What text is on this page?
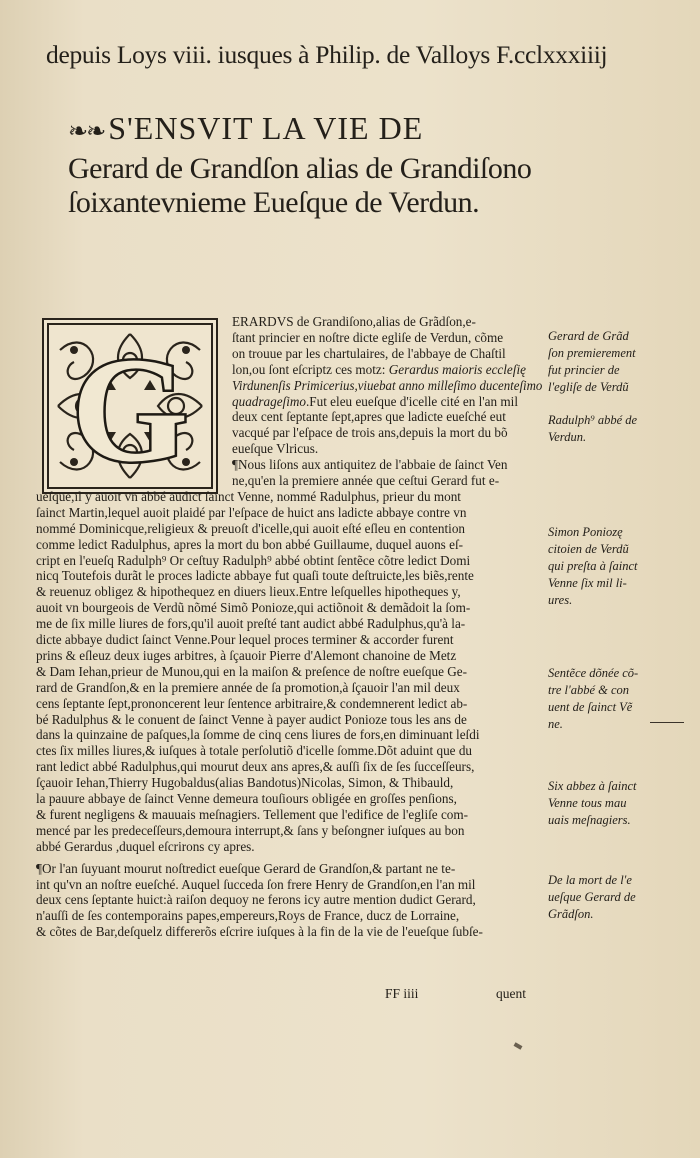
depuis Loys viii. iusques à Philip. de Valloys F.cclxxxiiij
❧❧ S'ENSVIT LA VIE DE
Gerard de Grandſon alias de Grandiſono
ſoixantevnieme Eueſque de Verdun.
G
ERARDVS de Grandiſono,alias de Grãdſon,e-
ſtant princier en noſtre dicte egliſe de Verdun, cõme
on trouue par les chartulaires, de l'abbaye de Chaſtil
lon,ou ſont eſcriptz ces motz: Gerardus maioris eccleſię
Virdunenſis Primicerius,viuebat anno milleſimo ducenteſimo
quadrageſimo.Fut eleu eueſque d'icelle cité en l'an mil
deux cent ſeptante ſept,apres que ladicte eueſché eut
vacqué par l'eſpace de trois ans,depuis la mort du bõ
eueſque Vlricus.
¶Nous liſons aux antiquitez de l'abbaie de ſainct Ven
ne,qu'en la premiere année que ceſtui Gerard fut e-
ueſque,il y auoit vn abbé audict ſainct Venne, nommé Radulphus, prieur du mont
ſainct Martin,lequel auoit plaidé par l'eſpace de huict ans ladicte abbaye contre vn
nommé Dominicque,religieux & preuoſt d'icelle,qui auoit eſté eſleu en contention
comme ledict Radulphus, apres la mort du bon abbé Guillaume, duquel auons eſ-
cript en l'eueſq Radulph⁹ Or ceſtuy Radulph⁹ abbé obtint ſentẽce cõtre ledict Domi
nicq Toutefois durãt le proces ladicte abbaye fut quaſi toute deſtruicte,les biẽs,rente
& reuenuz obligez & hipothequez en diuers lieux.Entre leſquelles hipotheques y,
auoit vn bourgeois de Verdũ nõmé Simõ Ponioze,qui actiõnoit & demãdoit la ſom-
me de ſix mille liures de fors,qu'il auoit preſté tant audict abbé Radulphus,qu'à la-
dicte abbaye dudict ſainct Venne.Pour lequel proces terminer & accorder furent
prins & eſleuz deux iuges arbitres, à ſçauoir Pierre d'Alemont chanoine de Metz
& Dam Iehan,prieur de Munou,qui en la maiſon & preſence de noſtre eueſque Ge-
rard de Grandſon,& en la premiere année de ſa promotion,à ſçauoir l'an mil deux
cens ſeptante ſept,prononcerent leur ſentence arbitraire,& condemnerent ledict ab-
bé Radulphus & le conuent de ſainct Venne à payer audict Ponioze tous les ans de
dans la quinzaine de paſques,la ſomme de cinq cens liures de fors,en diminuant leſdi
ctes ſix milles liures,& iuſques à totale perſolutiõ d'icelle ſomme.Dõt aduint que du
rant ledict abbé Radulphus,qui mourut deux ans apres,& auſſi ſix de ſes ſucceſſeurs,
ſçauoir Iehan,Thierry Hugobaldus(alias Bandotus)Nicolas, Simon, & Thibauld,
la pauure abbaye de ſainct Venne demeura touſiours obligée en groſſes penſions,
& furent negligens & mauuais meſnagiers. Tellement que l'edifice de l'egliſe com-
mencé par les predeceſſeurs,demoura interrupt,& ſans y beſongner iuſques au bon
abbé Gerardus ,duquel eſcrirons cy apres.
¶Or l'an ſuyuant mourut noſtredict eueſque Gerard de Grandſon,& partant ne te-
int qu'vn an noſtre eueſché. Auquel ſucceda ſon frere Henry de Grandſon,en l'an mil
deux cens ſeptante huict:à raiſon dequoy ne ferons icy autre mention dudict Gerard,
n'auſſi de ſes contemporains papes,empereurs,Roys de France, ducz de Lorraine,
& cõtes de Bar,deſquelz differerõs eſcrire iuſques à la fin de la vie de l'eueſque ſubſe-
Gerard de Grãd
ſon premierement
fut princier de
l'egliſe de Verdũ
Radulph⁹ abbé de
Verdun.
Simon Poniozę
citoien de Verdũ
qui preſta à ſainct
Venne ſix mil li-
ures.
Sentẽce dõnée cõ-
tre l'abbé & con
uent de ſainct Vẽ
ne.
Six abbez à ſainct
Venne tous mau
uais meſnagiers.
De la mort de l'e
ueſque Gerard de
Grãdſon.
FF iiii	quent
